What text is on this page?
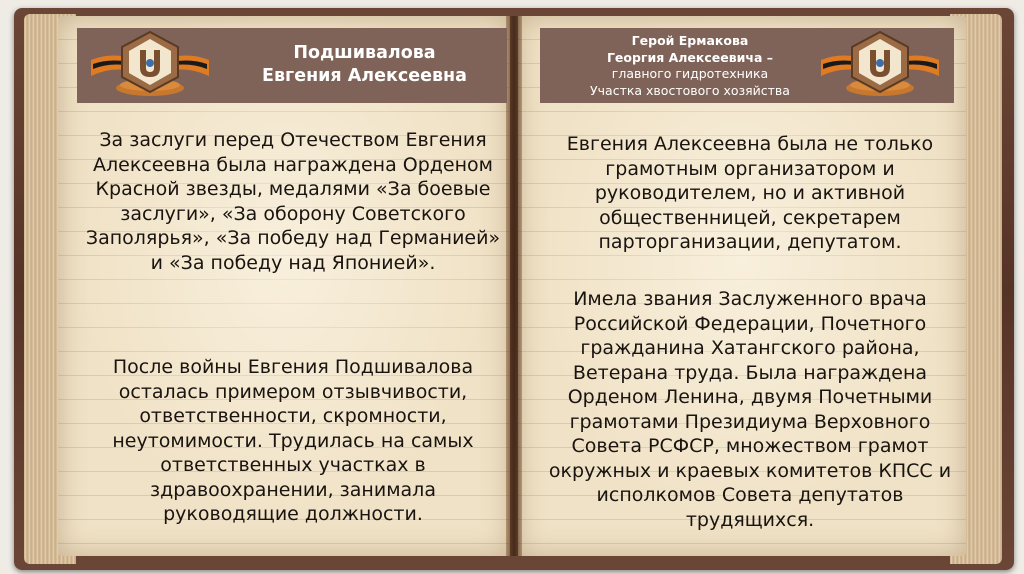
Подшивалова
Евгения Алексеевна
Герой Ермакова
Георгия Алексеевича –
главного гидротехника
Участка хвостового хозяйства
За заслуги перед Отечеством Евгения Алексеевна была награждена Орденом Красной звезды, медалями «За боевые заслуги», «За оборону Советского Заполярья», «За победу над Германией» и «За победу над Японией».
После войны Евгения Подшивалова осталась примером отзывчивости, ответственности, скромности, неутомимости. Трудилась на самых ответственных участках в здравоохранении, занимала руководящие должности.
Евгения Алексеевна была не только грамотным организатором и руководителем, но и активной общественницей, секретарем парторганизации, депутатом.
Имела звания Заслуженного врача Российской Федерации, Почетного гражданина Хатангского района, Ветерана труда. Была награждена Орденом Ленина, двумя Почетными грамотами Президиума Верховного Совета РСФСР, множеством грамот окружных и краевых комитетов КПСС и исполкомов Совета депутатов трудящихся.
